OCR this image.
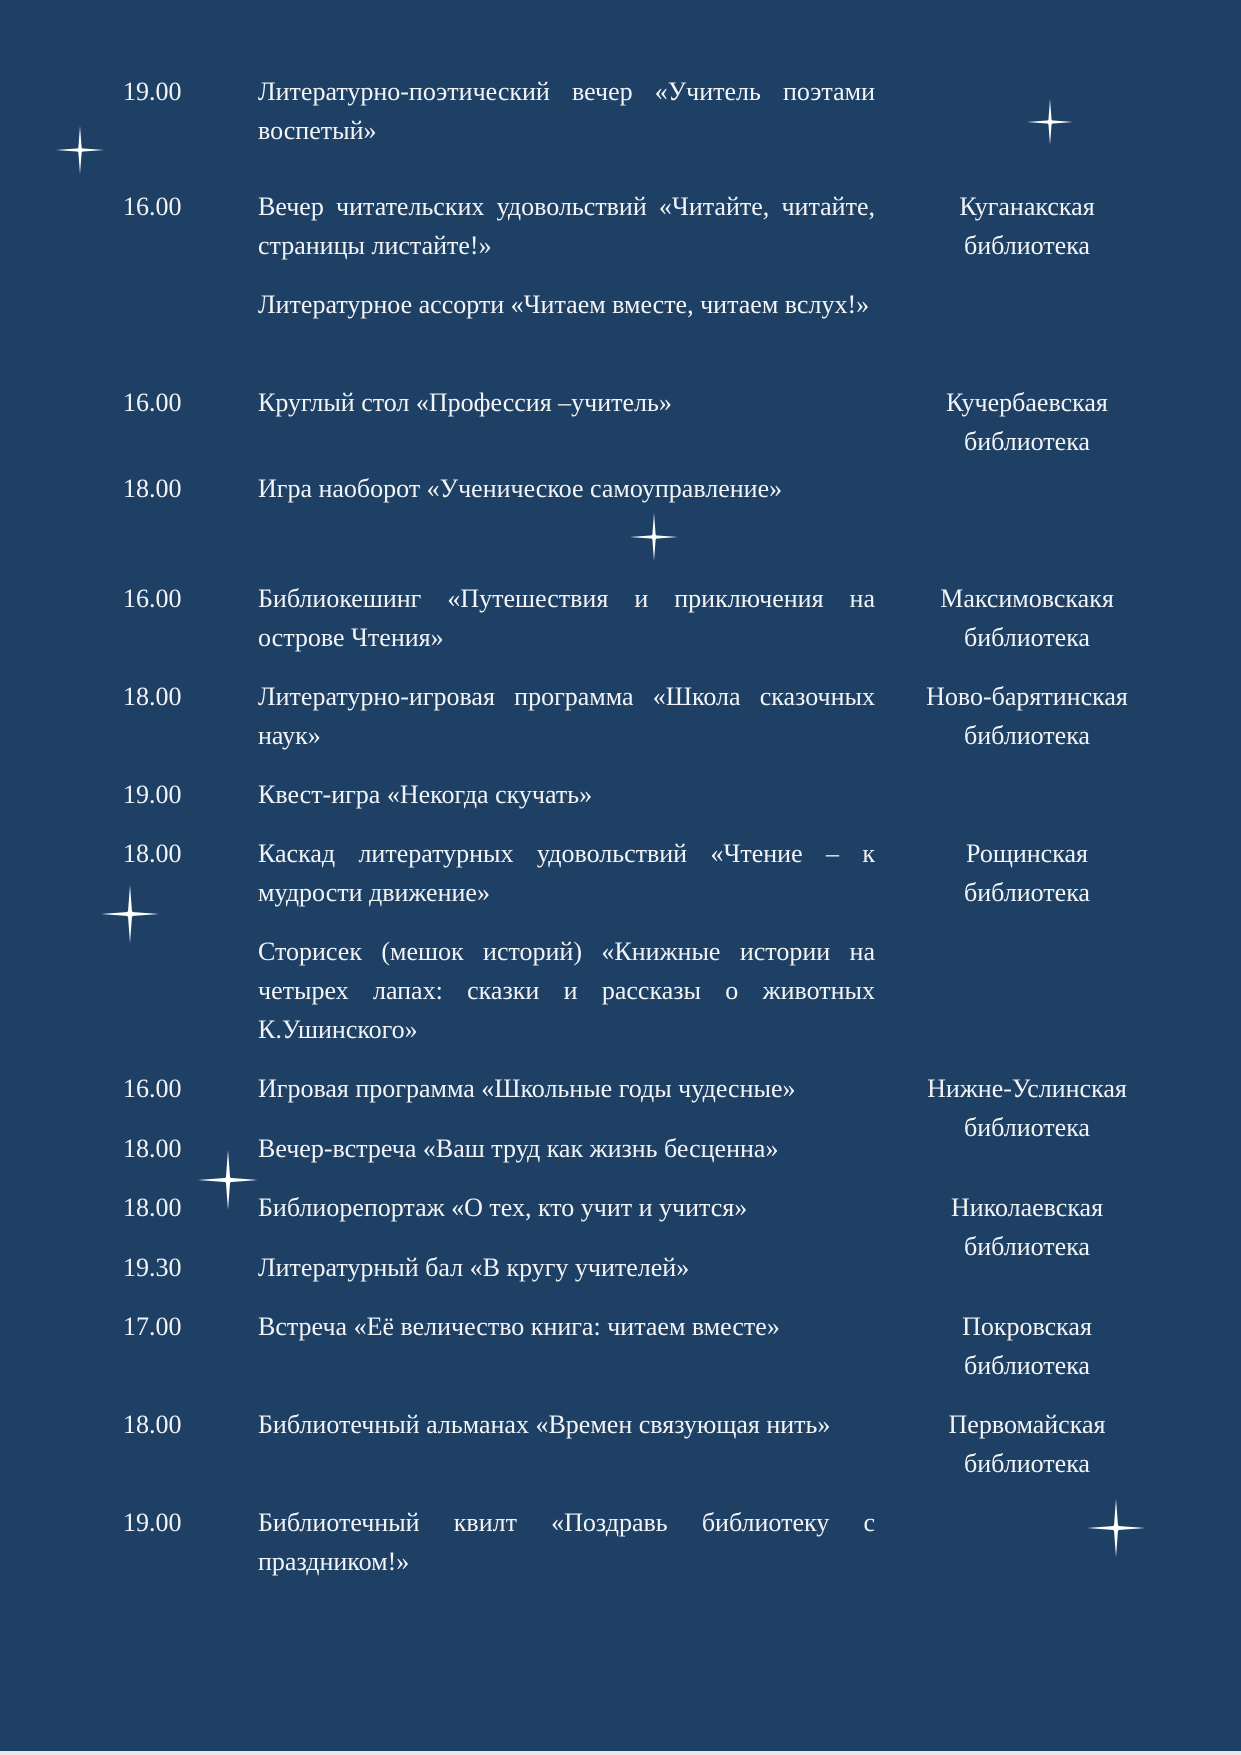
19.00
16.00
16.00
18.00
16.00
18.00
19.00
18.00
16.00
18.00
18.00
19.30
17.00
18.00
19.00
Литературно-поэтический вечер «Учитель поэтами воспетый»
Вечер читательских удовольствий «Читайте, читайте, страницы листайте!»
Литературное ассорти «Читаем вместе, читаем вслух!»
Круглый стол «Профессия –учитель»
Игра наоборот «Ученическое самоуправление»
Библиокешинг «Путешествия и приключения на острове Чтения»
Литературно-игровая программа «Школа сказочных наук»
Квест-игра «Некогда скучать»
Каскад литературных удовольствий «Чтение – к мудрости движение»
Сторисек (мешок историй) «Книжные истории на четырех лапах: сказки и рассказы о животных К.Ушинского»
Игровая программа «Школьные годы чудесные»
Вечер-встреча «Ваш труд как жизнь бесценна»
Библиорепортаж «О тех, кто учит и учится»
Литературный бал «В кругу учителей»
Встреча «Её величество книга: читаем вместе»
Библиотечный альманах «Времен связующая нить»
Библиотечный квилт «Поздравь библиотеку с праздником!»
Куганакская
библиотека
Кучербаевская
библиотека
Максимовскакя
библиотека
Ново-барятинская
библиотека
Рощинская
библиотека
Нижне-Услинская
библиотека
Николаевская
библиотека
Покровская
библиотека
Первомайская
библиотека
